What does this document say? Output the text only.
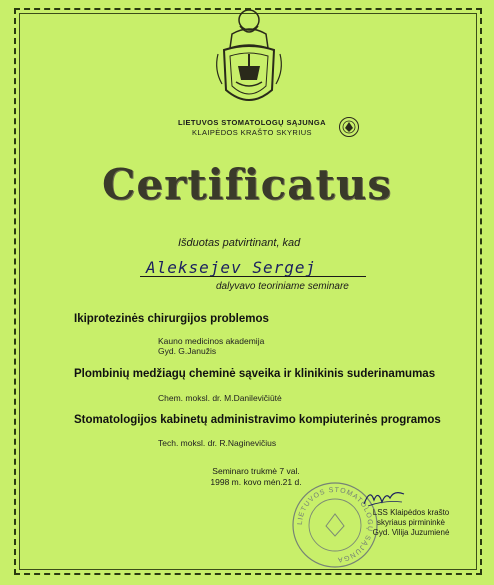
LIETUVOS STOMATOLOGŲ SĄJUNGA
KLAIPĖDOS KRAŠTO SKYRIUS
Certificatus
Išduotas patvirtinant, kad
Aleksejev Sergej
dalyvavo teoriniame seminare
Ikiprotezinės chirurgijos problemos
Kauno medicinos akademija
Gyd. G.Janužis
Plombinių medžiagų cheminė sąveika ir klinikinis suderinamumas
Chem. moksl. dr. M.Danilevičiūtė
Stomatologijos kabinetų administravimo kompiuterinės programos
Tech. moksl. dr. R.Naginevičius
Seminaro trukmė 7 val.
1998 m. kovo mėn.21 d.
LIETUVOS STOMATOLOGŲ SĄJUNGA
LSS Klaipėdos krašto
skyriaus pirmininkė
Gyd. Vilija Juzumienė
